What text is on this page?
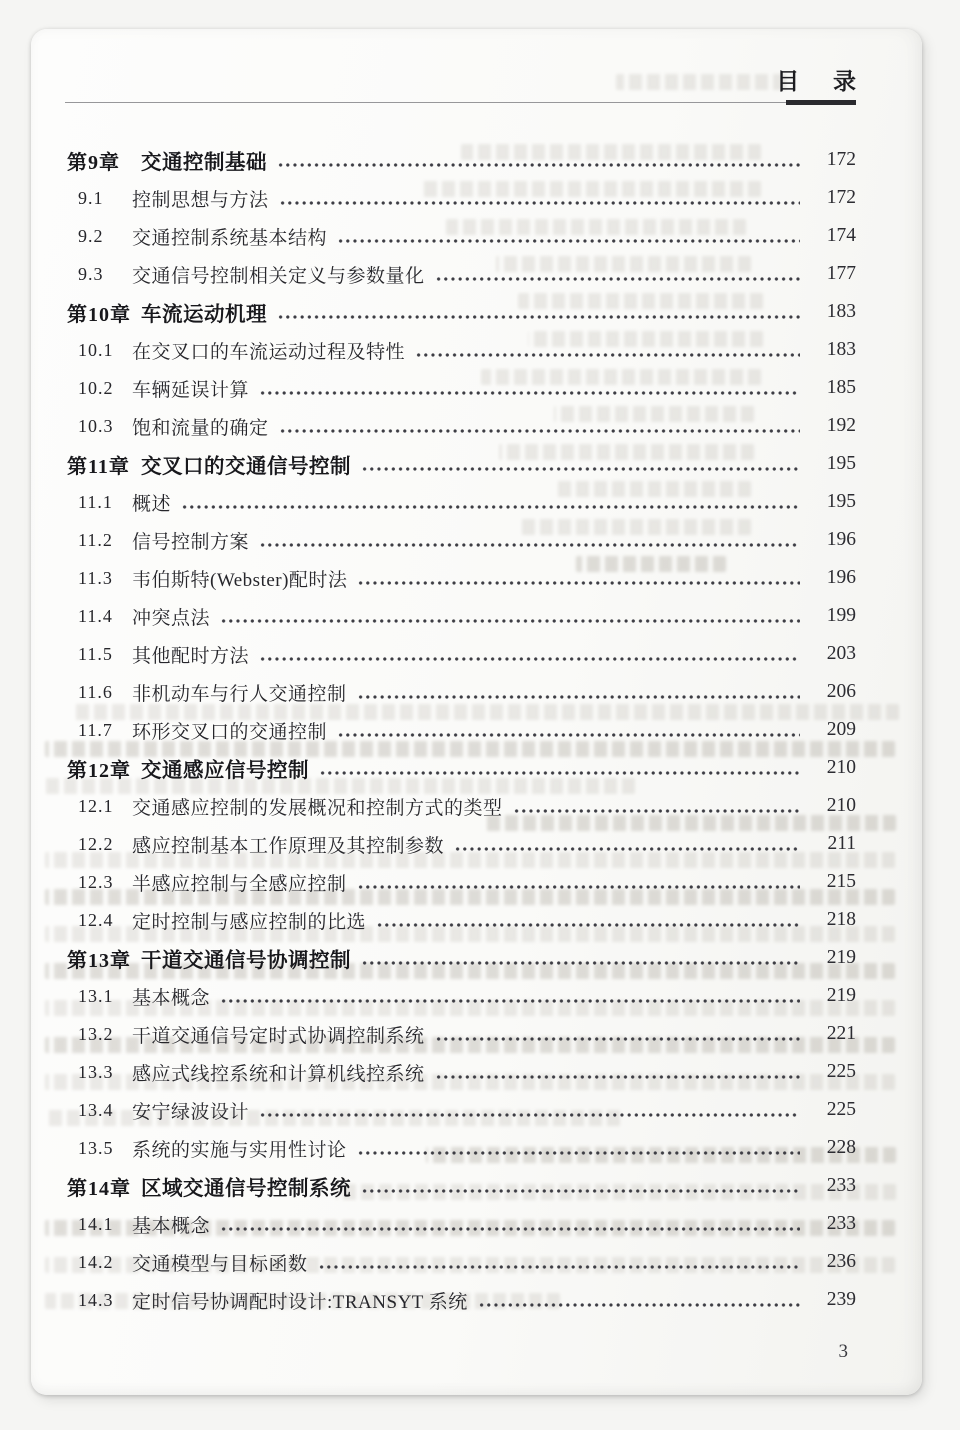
目 录
第9章	交通控制基础	172
9.1	控制思想与方法	172
9.2	交通控制系统基本结构	174
9.3	交通信号控制相关定义与参数量化	177
第10章 车流运动机理	183
10.1 在交叉口的车流运动过程及特性	183
10.2 车辆延误计算	185
10.3 饱和流量的确定	192
第11章 交叉口的交通信号控制	195
11.1	概述	195
11.2	信号控制方案	196
11.3	韦伯斯特(Webster)配时法	196
11.4	冲突点法	199
11.5	其他配时方法	203
11.6	非机动车与行人交通控制	206
11.7	环形交叉口的交通控制	209
第12章 交通感应信号控制	210
12.1 交通感应控制的发展概况和控制方式的类型	210
12.2 感应控制基本工作原理及其控制参数	211
12.3 半感应控制与全感应控制	215
12.4 定时控制与感应控制的比选	218
第13章 干道交通信号协调控制	219
13.1 基本概念	219
13.2 干道交通信号定时式协调控制系统	221
13.3 感应式线控系统和计算机线控系统	225
13.4 安宁绿波设计	225
13.5 系统的实施与实用性讨论	228
第14章 区域交通信号控制系统	233
14.1 基本概念	233
14.2 交通模型与目标函数	236
14.3 定时信号协调配时设计:TRANSYT 系统	239
3
